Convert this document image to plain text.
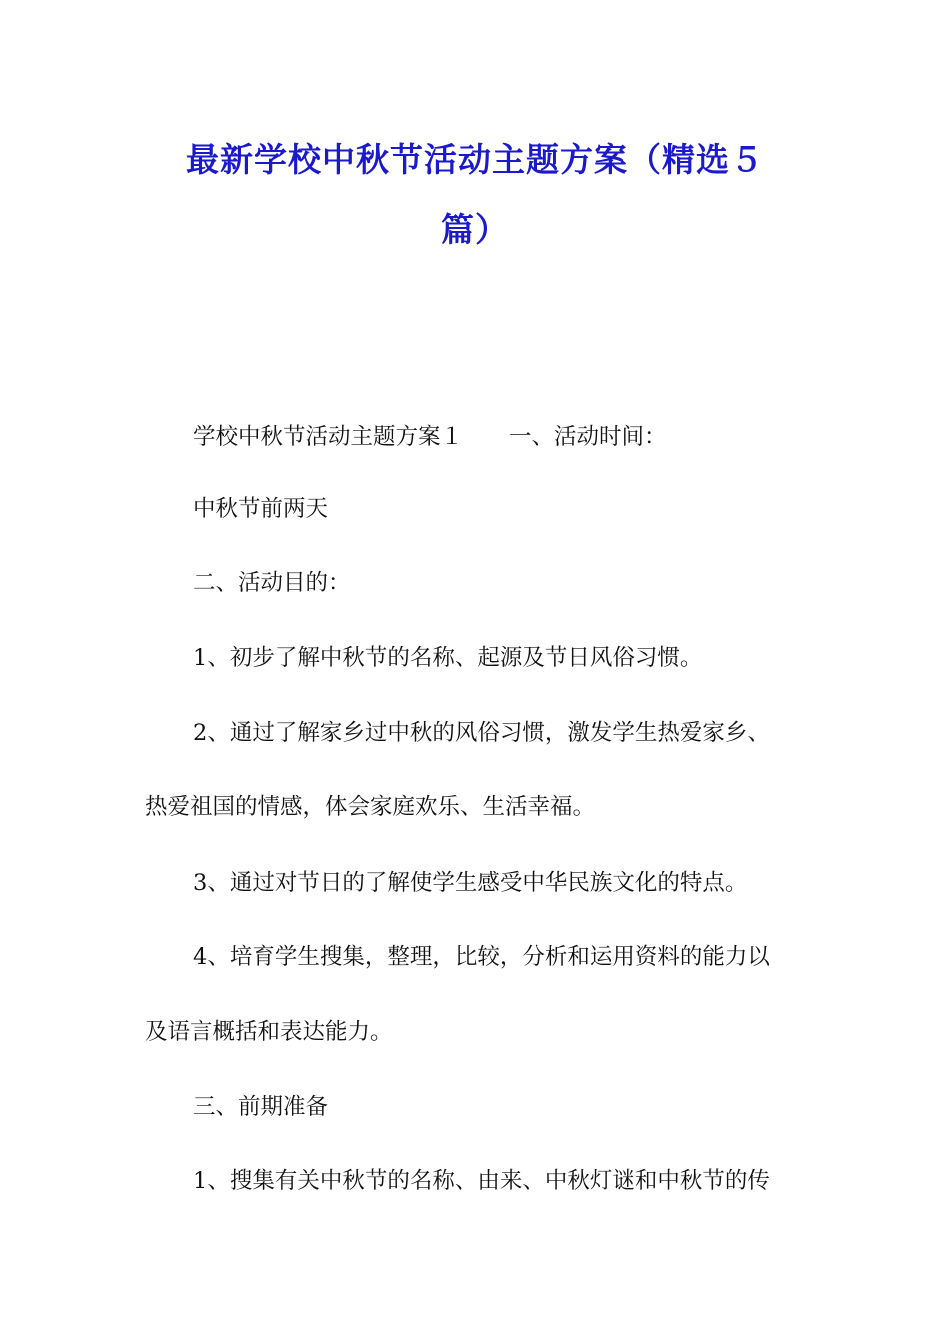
最新学校中秋节活动主题方案（精选５
篇）
学校中秋节活动主题方案１ 一、活动时间：
中秋节前两天
二、活动目的：
1、初步了解中秋节的名称、起源及节日风俗习惯。
2、通过了解家乡过中秋的风俗习惯，激发学生热爱家乡、
热爱祖国的情感，体会家庭欢乐、生活幸福。
3、通过对节日的了解使学生感受中华民族文化的特点。
4、培育学生搜集，整理，比较，分析和运用资料的能力以
及语言概括和表达能力。
三、前期准备
1、搜集有关中秋节的名称、由来、中秋灯谜和中秋节的传
